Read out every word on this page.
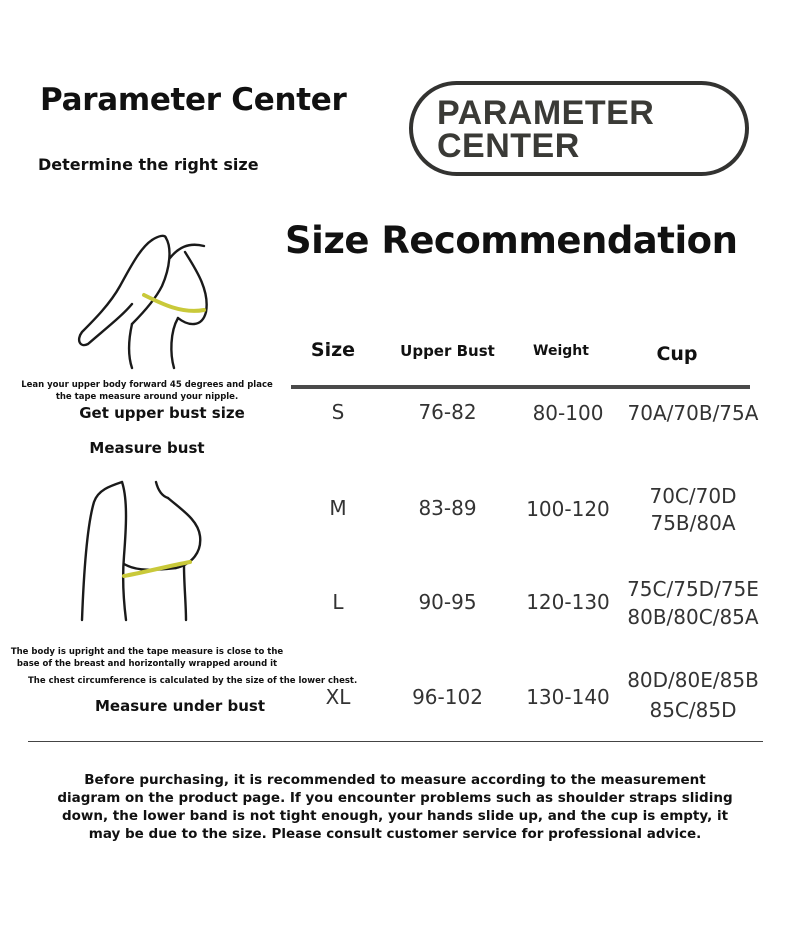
Parameter Center
Determine the right size
PARAMETER
CENTER
Size Recommendation
Lean your upper body forward 45 degrees and place
the tape measure around your nipple.
Get upper bust size
Measure bust
The body is upright and the tape measure is close to the
base of the breast and horizontally wrapped around it
The chest circumference is calculated by the size of the lower chest.
Measure under bust
Size	Upper Bust	Weight	Cup
S	76-82	80-100	70A/70B/75A
M	83-89	100-120
70C/70D
75B/80A
L	90-95	120-130
75C/75D/75E
80B/80C/85A
XL	96-102	130-140
80D/80E/85B
85C/85D
Before purchasing, it is recommended to measure according to the measurement
diagram on the product page. If you encounter problems such as shoulder straps sliding
down, the lower band is not tight enough, your hands slide up, and the cup is empty, it
may be due to the size. Please consult customer service for professional advice.
